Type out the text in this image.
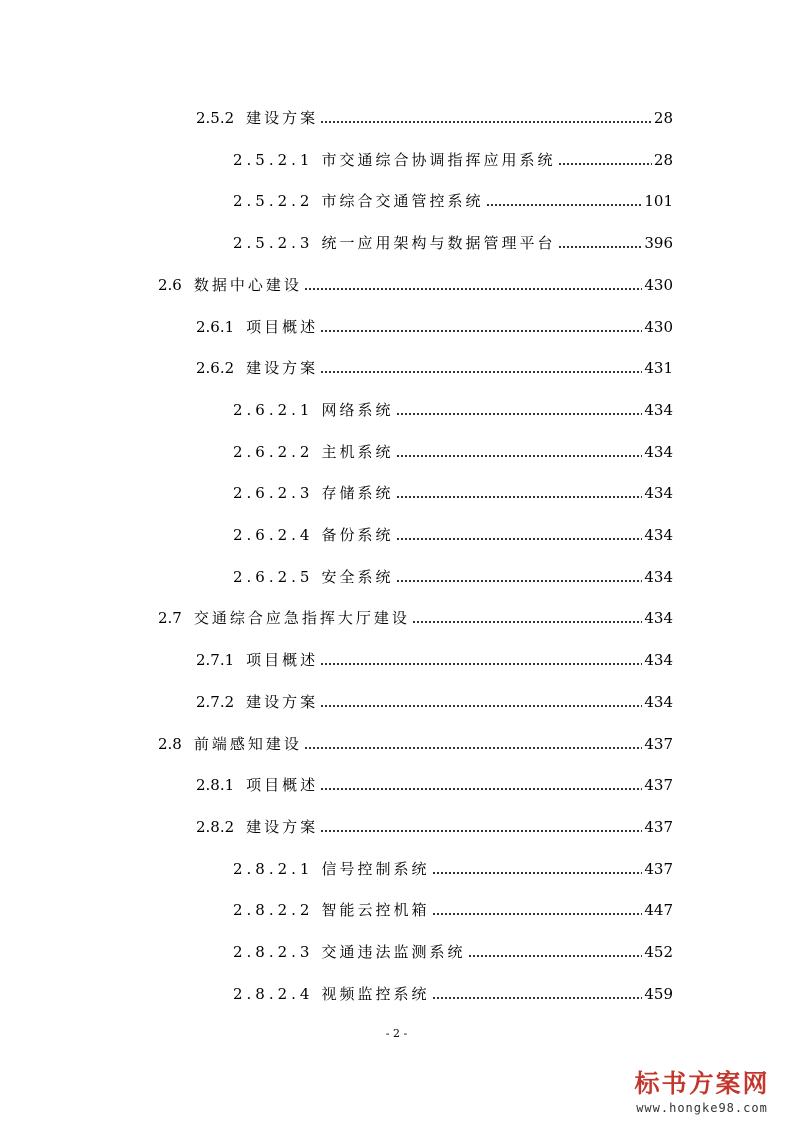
2.5.2 建设方案	28
2.5.2.1 市交通综合协调指挥应用系统	28
2.5.2.2 市综合交通管控系统	101
2.5.2.3 统一应用架构与数据管理平台	396
2.6 数据中心建设	430
2.6.1 项目概述	430
2.6.2 建设方案	431
2.6.2.1 网络系统	434
2.6.2.2 主机系统	434
2.6.2.3 存储系统	434
2.6.2.4 备份系统	434
2.6.2.5 安全系统	434
2.7 交通综合应急指挥大厅建设	434
2.7.1 项目概述	434
2.7.2 建设方案	434
2.8 前端感知建设	437
2.8.1 项目概述	437
2.8.2 建设方案	437
2.8.2.1 信号控制系统	437
2.8.2.2 智能云控机箱	447
2.8.2.3 交通违法监测系统	452
2.8.2.4 视频监控系统	459
- 2 -
标书方案网
www.hongke98.com
